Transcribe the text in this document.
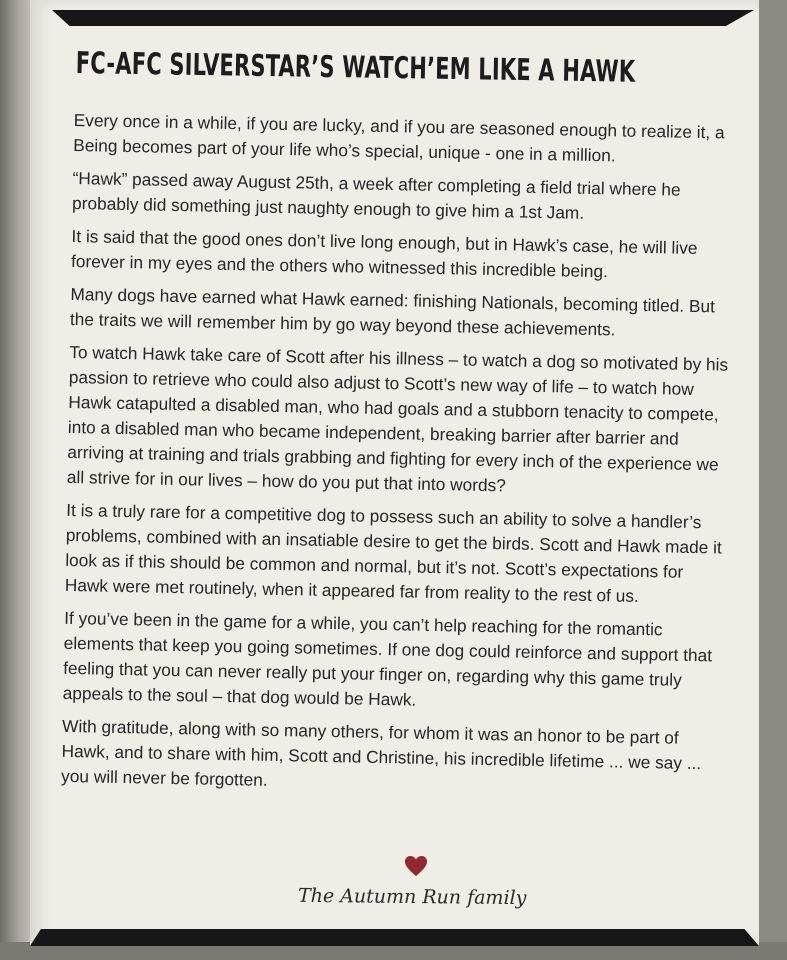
FC-AFC SILVERSTAR’S WATCH’EM LIKE A HAWK

Every once in a while, if you are lucky, and if you are seasoned enough to realize it, a Being becomes part of your life who’s special, unique - one in a million.

“Hawk” passed away August 25th, a week after completing a field trial where he probably did something just naughty enough to give him a 1st Jam.

It is said that the good ones don’t live long enough, but in Hawk’s case, he will live forever in my eyes and the others who witnessed this incredible being.

Many dogs have earned what Hawk earned: finishing Nationals, becoming titled. But the traits we will remember him by go way beyond these achievements.

To watch Hawk take care of Scott after his illness – to watch a dog so motivated by his passion to retrieve who could also adjust to Scott’s new way of life – to watch how Hawk catapulted a disabled man, who had goals and a stubborn tenacity to compete, into a disabled man who became independent, breaking barrier after barrier and arriving at training and trials grabbing and fighting for every inch of the experience we all strive for in our lives – how do you put that into words?

It is a truly rare for a competitive dog to possess such an ability to solve a handler’s problems, combined with an insatiable desire to get the birds. Scott and Hawk made it look as if this should be common and normal, but it’s not. Scott’s expectations for Hawk were met routinely, when it appeared far from reality to the rest of us.

If you’ve been in the game for a while, you can’t help reaching for the romantic elements that keep you going sometimes. If one dog could reinforce and support that feeling that you can never really put your finger on, regarding why this game truly appeals to the soul – that dog would be Hawk.

With gratitude, along with so many others, for whom it was an honor to be part of Hawk, and to share with him, Scott and Christine, his incredible lifetime ... we say ... you will never be forgotten.

The Autumn Run family
